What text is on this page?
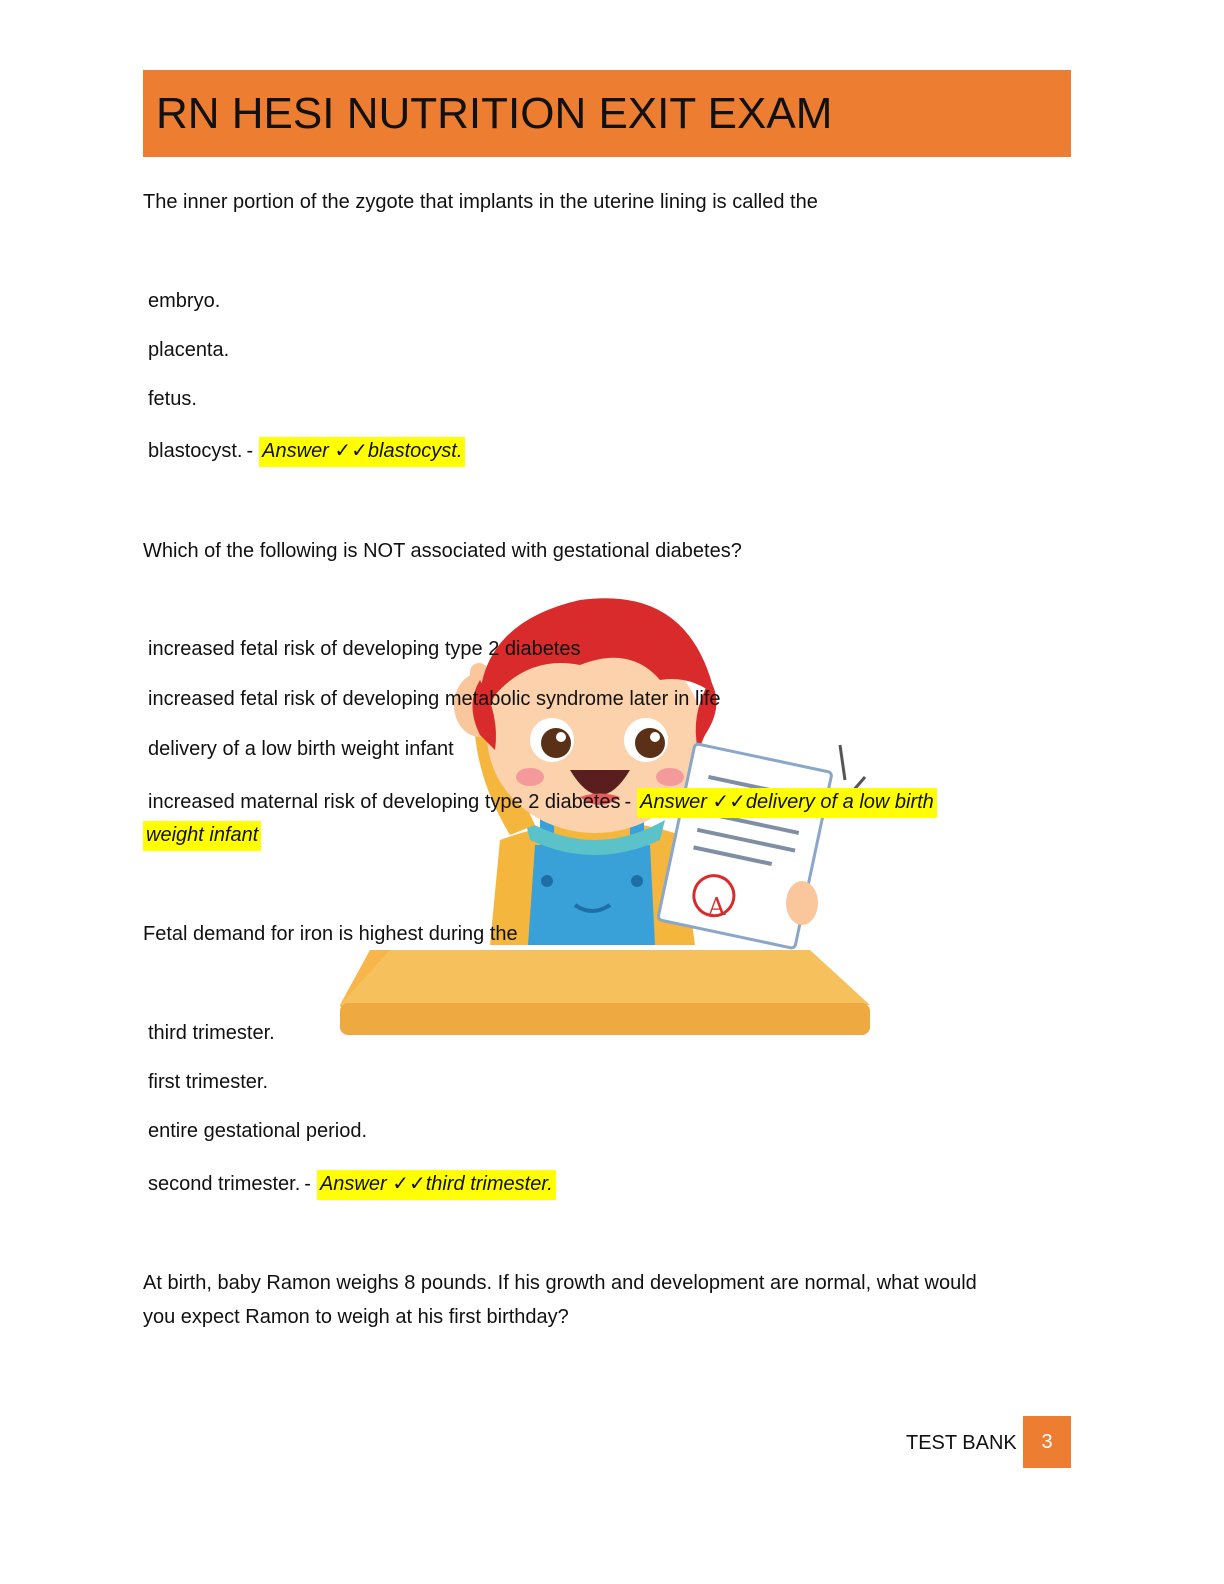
RN HESI NUTRITION EXIT EXAM
A
The inner portion of the zygote that implants in the uterine lining is called the
embryo.
placenta.
fetus.
blastocyst. - Answer ✓✓blastocyst.
Which of the following is NOT associated with gestational diabetes?
increased fetal risk of developing type 2 diabetes
increased fetal risk of developing metabolic syndrome later in life
delivery of a low birth weight infant
increased maternal risk of developing type 2 diabetes - Answer ✓✓delivery of a low birth
weight infant
Fetal demand for iron is highest during the
third trimester.
first trimester.
entire gestational period.
second trimester. - Answer ✓✓third trimester.
At birth, baby Ramon weighs 8 pounds. If his growth and development are normal, what would
you expect Ramon to weigh at his first birthday?
TEST BANK	3
